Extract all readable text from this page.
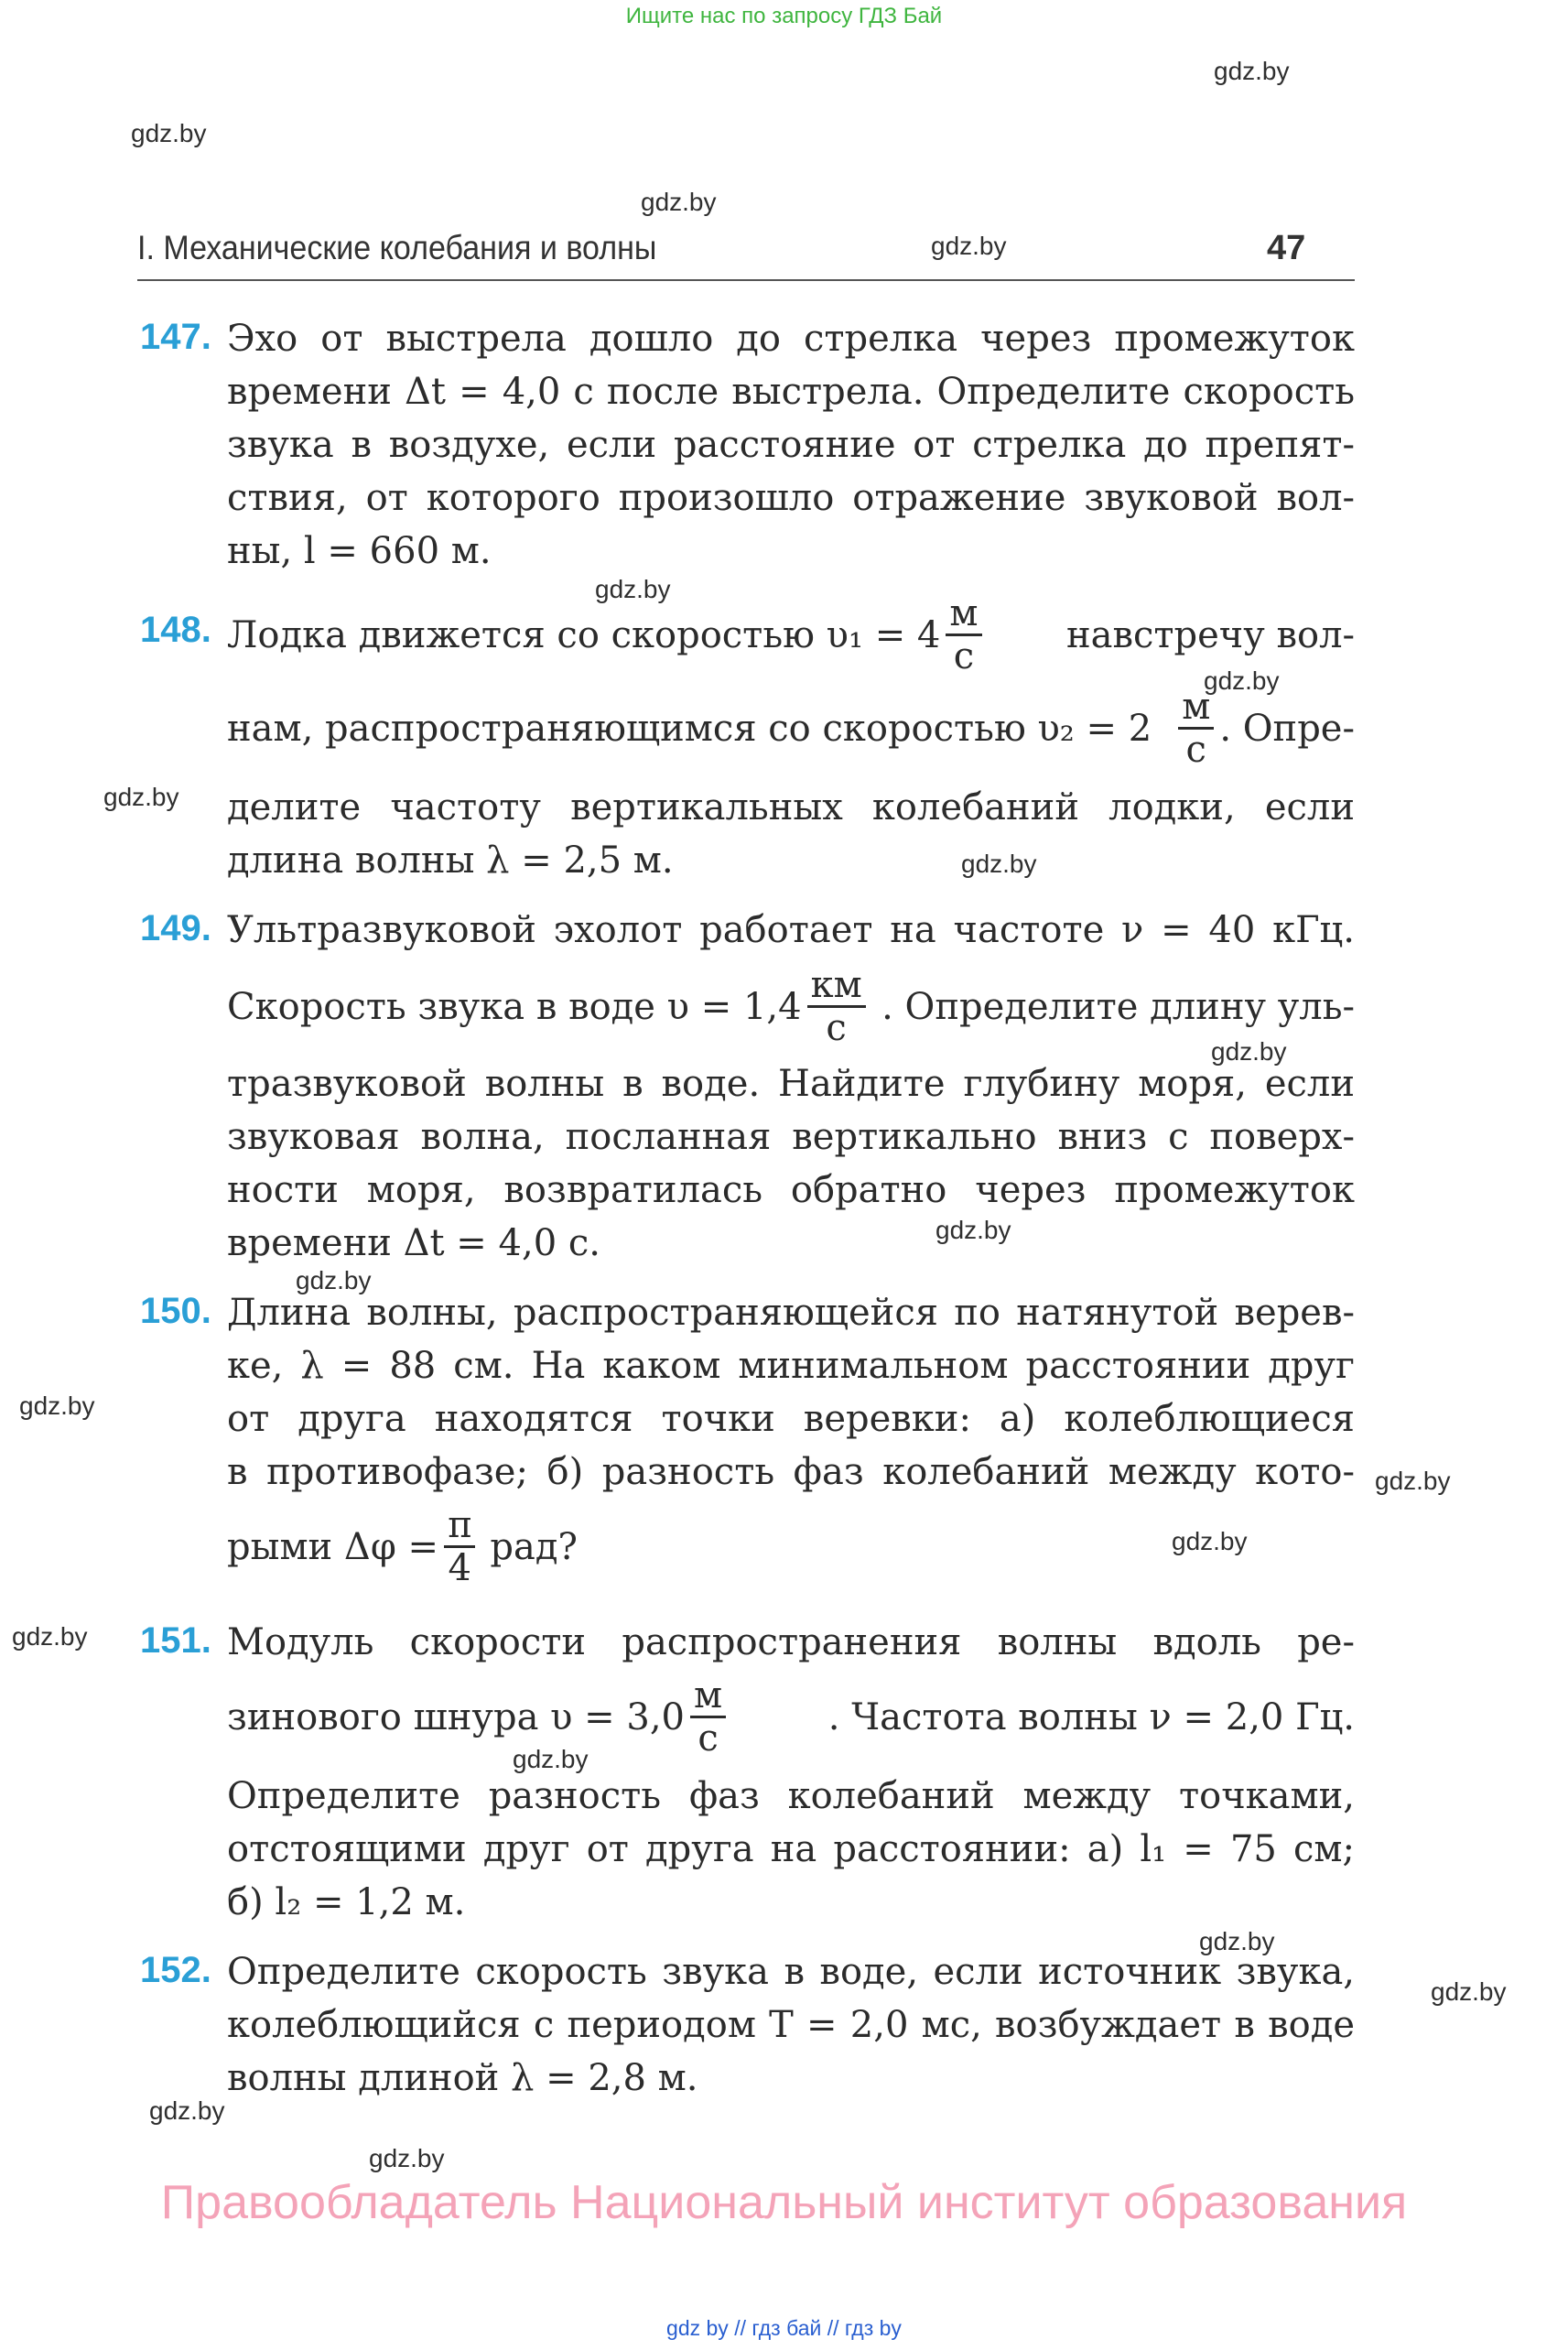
Ищите нас по запросу ГДЗ Бай
gdz.by
gdz.by
gdz.by
gdz.by
gdz.by
gdz.by
gdz.by
gdz.by
gdz.by
gdz.by
gdz.by
gdz.by
gdz.by
gdz.by
gdz.by
gdz.by
gdz.by
gdz.by
gdz.by
gdz.by
I. Механические колебания и волны	47
147. Эхо от выстрела дошло до стрелка через промежуток
времени Δt = 4,0 с после выстрела. Определите скорость
звука в воздухе, если расстояние от стрелка до препят-
ствия, от которого произошло отражение звуковой вол-
ны, l = 660 м.
148. Лодка движется со скоростью $\upsilon_1 = 4 \frac{м}{с}$ навстречу вол-
нам, распространяющимся со скоростью $\upsilon_2 = 2 \frac{м}{с}$ . Опре-
делите частоту вертикальных колебаний лодки, если
длина волны λ = 2,5 м.
149. Ультразвуковой эхолот работает на частоте ν = 40 кГц.
Скорость звука в воде $\upsilon = 1,4 \frac{км}{с}$ . Определите длину уль-
тразвуковой волны в воде. Найдите глубину моря, если
звуковая волна, посланная вертикально вниз с поверх-
ности моря, возвратилась обратно через промежуток
времени Δt = 4,0 с.
150. Длина волны, распространяющейся по натянутой верев-
ке, λ = 88 см. На каком минимальном расстоянии друг
от друга находятся точки веревки: а) колеблющиеся
в противофазе; б) разность фаз колебаний между кото-
рыми $\Delta\varphi = \frac{\pi}{4}$ рад?
151. Модуль скорости распространения волны вдоль ре-
зинового шнура $\upsilon = 3,0 \frac{м}{с}$	. Частота волны ν = 2,0 Гц.
Определите разность фаз колебаний между точками,
отстоящими друг от друга на расстоянии: а) l₁ = 75 см;
б) l₂ = 1,2 м.
152. Определите скорость звука в воде, если источник звука,
колеблющийся с периодом T = 2,0 мс, возбуждает в воде
волны длиной λ = 2,8 м.
Правообладатель Национальный институт образования
gdz by // гдз бай // гдз by
